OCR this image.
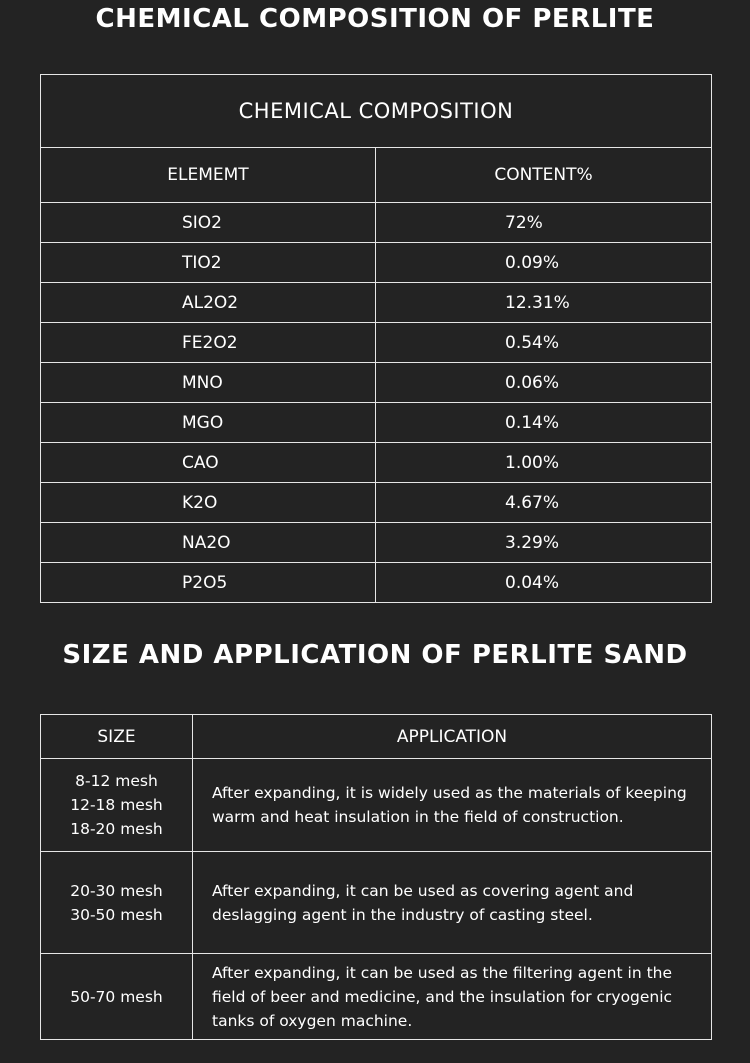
CHEMICAL COMPOSITION OF PERLITE
CHEMICAL COMPOSITION	
ELEMEMT	CONTENT%
SIO2	72%
TIO2	0.09%
AL2O2	12.31%
FE2O2	0.54%
MNO	0.06%
MGO	0.14%
CAO	1.00%
K2O	4.67%
NA2O	3.29%
P2O5	0.04%
SIZE AND APPLICATION OF PERLITE SAND
SIZE	APPLICATION

8-12 mesh
12-18 mesh
18-20 mesh	After expanding, it is widely used as the materials of keeping warm and heat insulation in the field of construction.

20-30 mesh
30-50 mesh	After expanding, it can be used as covering agent and deslagging agent in the industry of casting steel.

50-70 mesh	After expanding, it can be used as the filtering agent in the field of beer and medicine, and the insulation for cryogenic tanks of oxygen machine.
